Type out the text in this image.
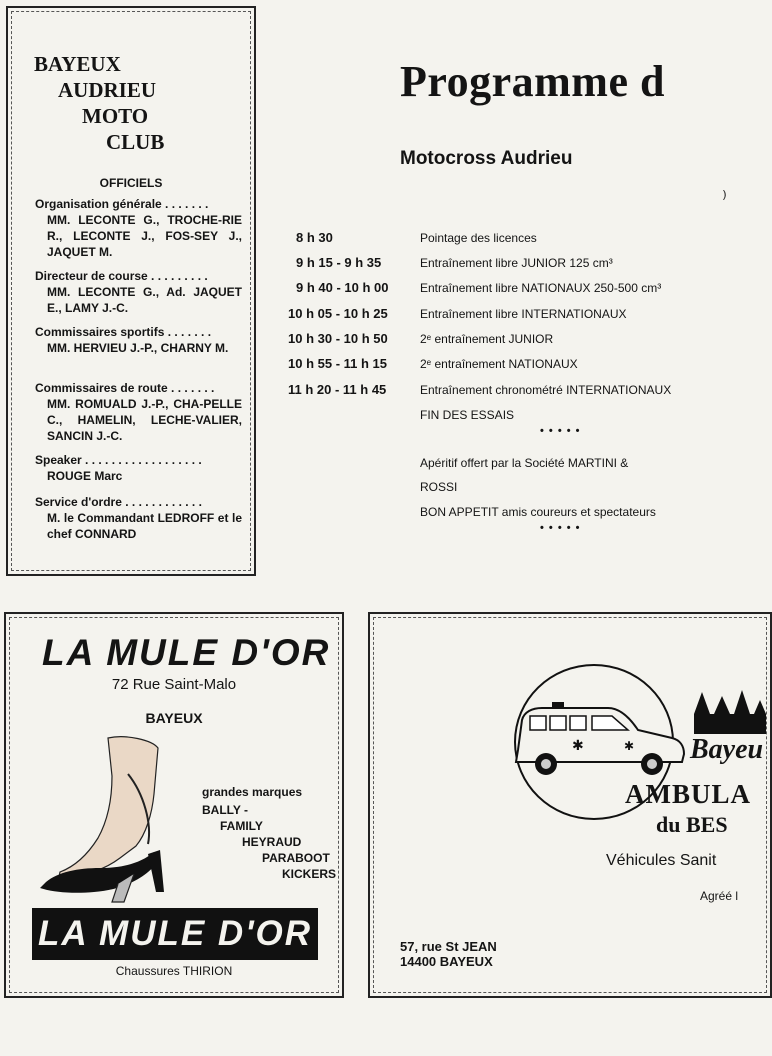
BAYEUX
AUDRIEU
MOTO
CLUB
OFFICIELS
Organisation générale . . . . . . .
MM. LECONTE G., TROCHE-RIE R., LECONTE J., FOS-SEY J., JAQUET M.
Directeur de course . . . . . . . . .
MM. LECONTE G., Ad. JAQUET E., LAMY J.-C.
Commissaires sportifs . . . . . . .
MM. HERVIEU J.-P., CHARNY M.
Commissaires de route . . . . . . .
MM. ROMUALD J.-P., CHA-PELLE C., HAMELIN, LECHE-VALIER, SANCIN J.-C.
Speaker . . . . . . . . . . . . . . . . . .
ROUGE Marc
Service d'ordre . . . . . . . . . . . .
M. le Commandant LEDROFF et le chef CONNARD
Programme d
Motocross Audrieu
8 h 30	Pointage des licences
9 h 15 - 9 h 35	Entraînement libre JUNIOR 125 cm³
9 h 40 - 10 h 00	Entraînement libre NATIONAUX 250-500 cm³
10 h 05 - 10 h 25	Entraînement libre INTERNATIONAUX
10 h 30 - 10 h 50	2ᵉ entraînement JUNIOR
10 h 55 - 11 h 15	2ᵉ entraînement NATIONAUX
11 h 20 - 11 h 45	Entraînement chronométré INTERNATIONAUX
FIN DES ESSAIS
• • • • •
Apéritif offert par la Société MARTINI &
ROSSI
BON APPETIT amis coureurs et spectateurs
• • • • •
⁾
LA MULE D'OR
72 Rue Saint-Malo
BAYEUX
grandes marques
BALLY -
FAMILY
HEYRAUD
PARABOOT
KICKERS
LA MULE D'OR
Chaussures THIRION
✱	✱ Bayeu
AMBULA
du BES
Véhicules Sanit
Agréé l
57, rue St JEAN
14400 BAYEUX
